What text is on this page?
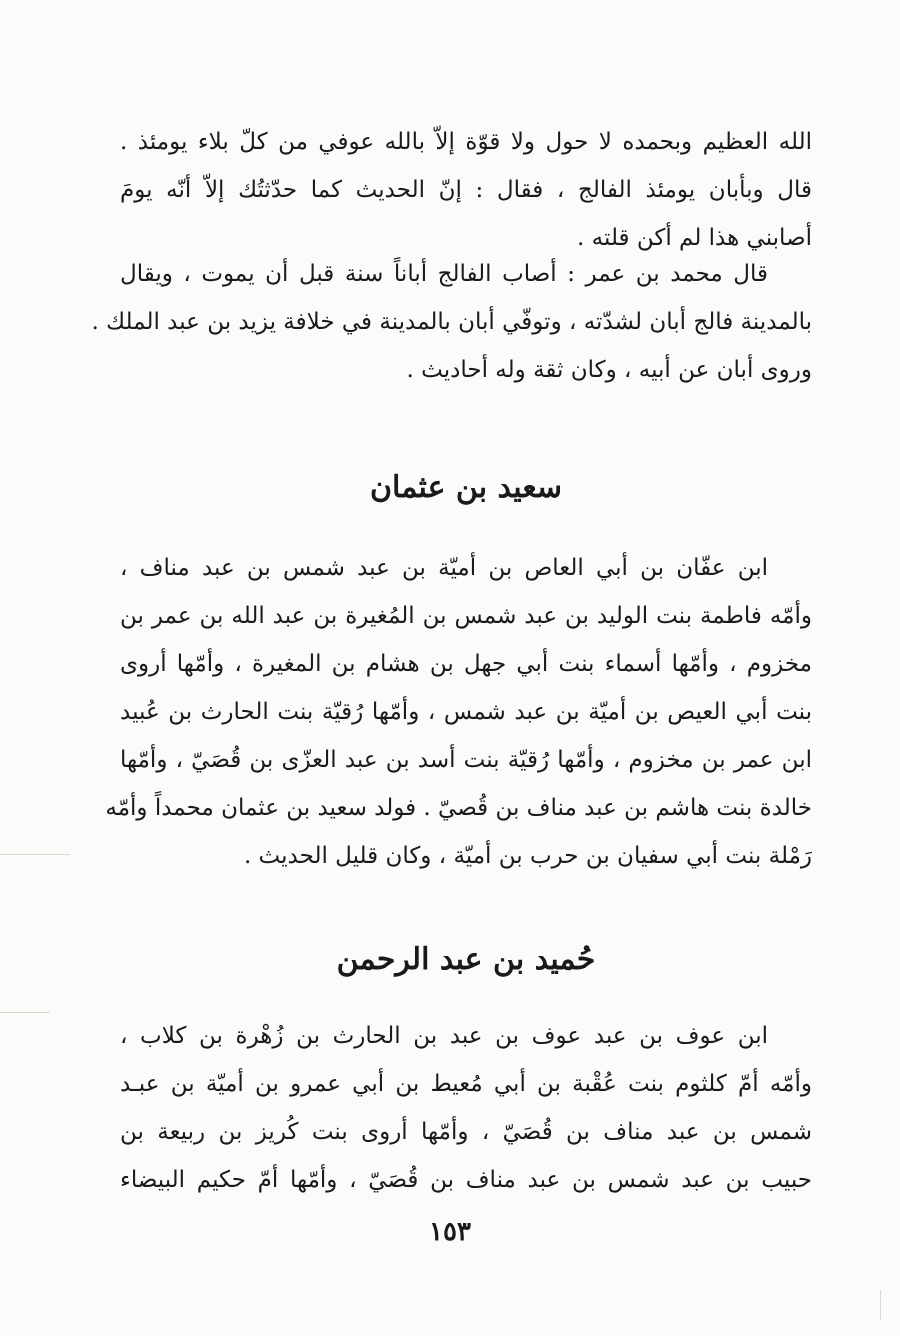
الله العظيم وبحمده لا حول ولا قوّة إلاّ بالله عوفي من كلّ بلاء يومئذ .
قال وبأبان يومئذ الفالج ، فقال : إنّ الحديث كما حدّثتُك إلاّ أنّه يومَ
أصابني هذا لم أكن قلته .
قال محمد بن عمر : أصاب الفالج أباناً سنة قبل أن يموت ، ويقال
بالمدينة فالج أبان لشدّته ، وتوفّي أبان بالمدينة في خلافة يزيد بن عبد الملك .
وروى أبان عن أبيه ، وكان ثقة وله أحاديث .
سعيد بن عثمان
ابن عفّان بن أبي العاص بن أميّة بن عبد شمس بن عبد مناف ،
وأمّه فاطمة بنت الوليد بن عبد شمس بن المُغيرة بن عبد الله بن عمر بن
مخزوم ، وأمّها أسماء بنت أبي جهل بن هشام بن المغيرة ، وأمّها أروى
بنت أبي العيص بن أميّة بن عبد شمس ، وأمّها رُقيّة بنت الحارث بن عُبيد
ابن عمر بن مخزوم ، وأمّها رُقيّة بنت أسد بن عبد العزّى بن قُصَيّ ، وأمّها
خالدة بنت هاشم بن عبد مناف بن قُصيّ . فولد سعيد بن عثمان محمداً وأمّه
رَمْلة بنت أبي سفيان بن حرب بن أميّة ، وكان قليل الحديث .
حُميد بن عبد الرحمن
ابن عوف بن عبد عوف بن عبد بن الحارث بن زُهْرة بن كلاب ،
وأمّه أمّ كلثوم بنت عُقْبة بن أبي مُعيط بن أبي عمرو بن أميّة بن عبـد
شمس بن عبد مناف بن قُصَيّ ، وأمّها أروى بنت كُريز بن ربيعة بن
حبيب بن عبد شمس بن عبد مناف بن قُصَيّ ، وأمّها أمّ حكيم البيضاء
١٥٣
